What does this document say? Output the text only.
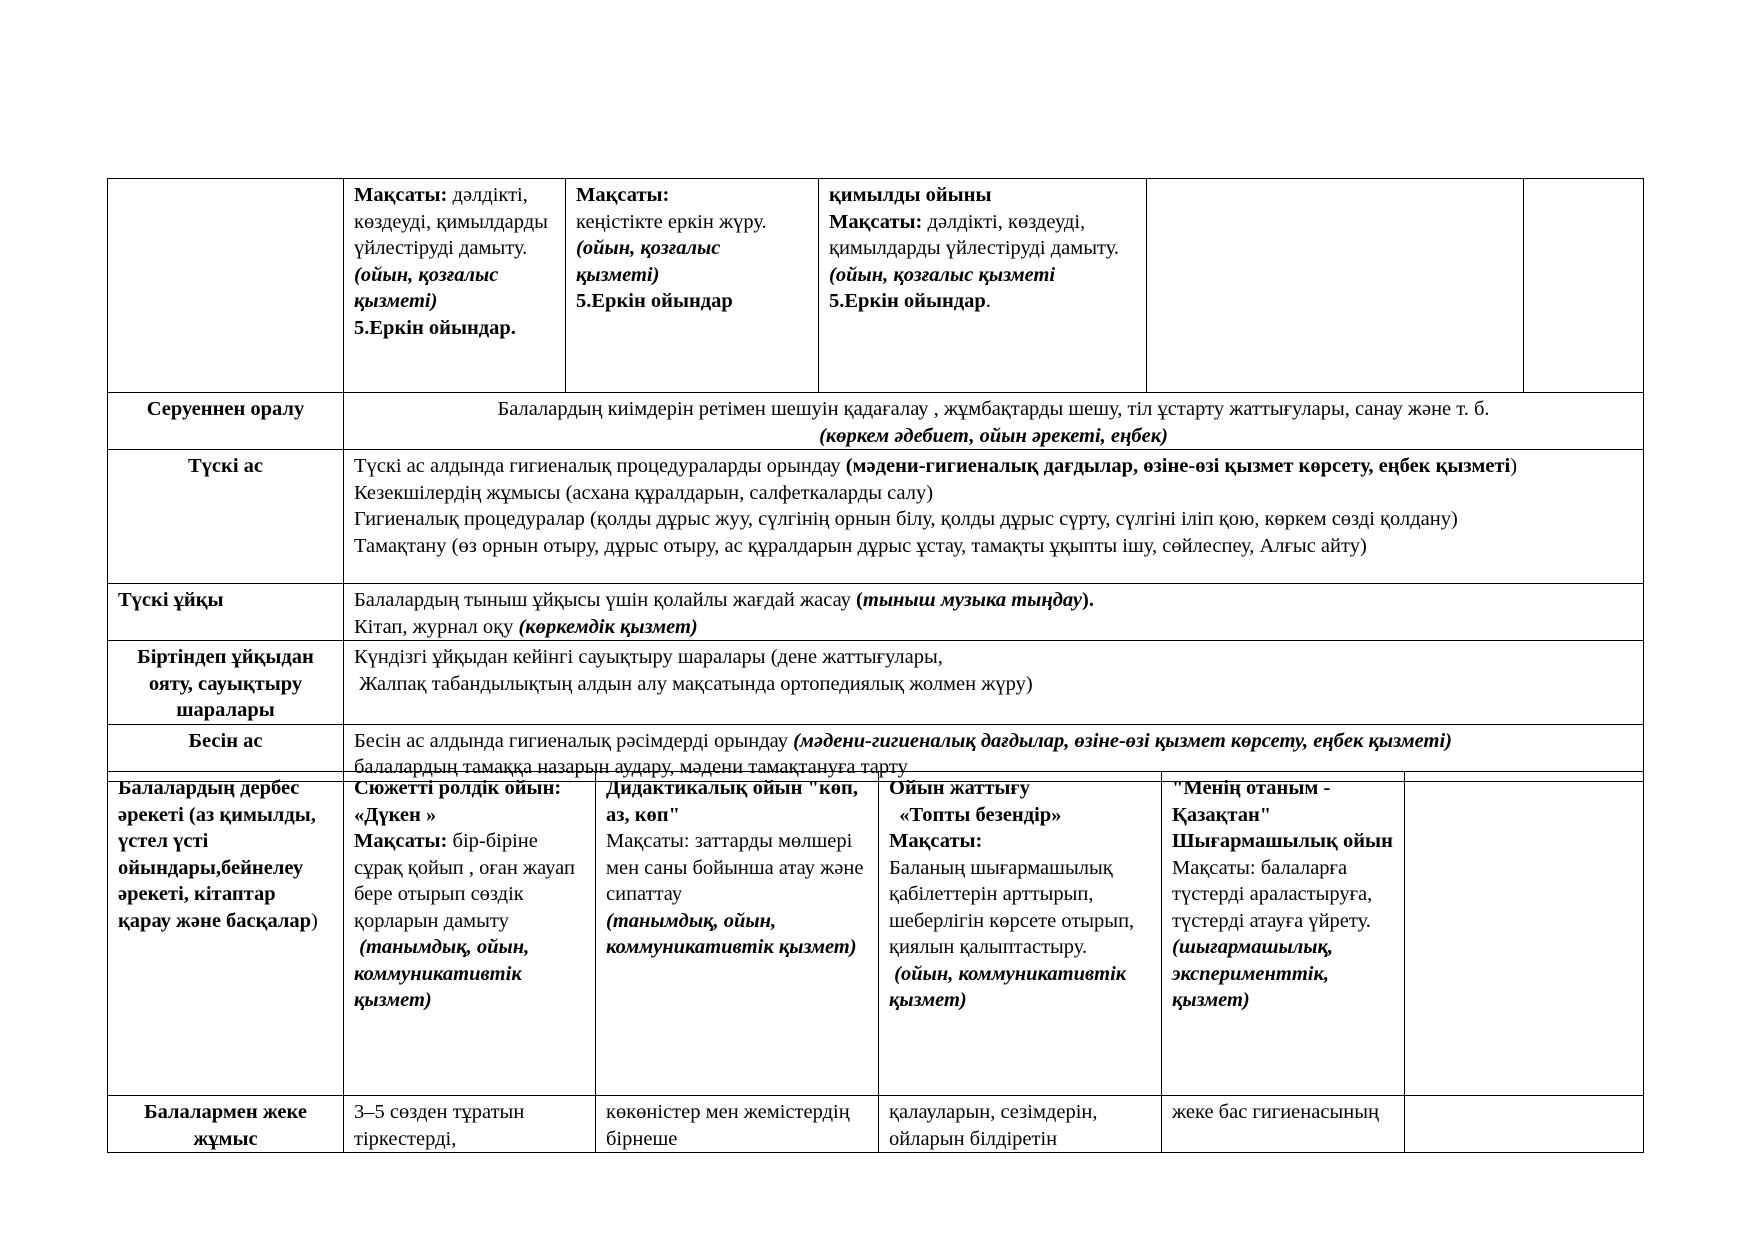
	Мақсаты: дәлдікті, көздеуді, қимылдарды үйлестіруді дамыту.
(ойын, қозғалыс қызметі)
5.Еркін ойындар.	Мақсаты:
кеңістікте еркін жүру.
(ойын, қозғалыс қызметі)
5.Еркін ойындар	қимылды ойыны
Мақсаты: дәлдікті, көздеуді, қимылдарды үйлестіруді дамыту.
(ойын, қозғалыс қызметі
5.Еркін ойындар.		
Серуеннен оралу	Балалардың киімдерін ретімен шешуін қадағалау , жұмбақтарды шешу, тіл ұстарту жаттығулары, санау және т. б.
(көркем әдебиет, ойын әрекеті, еңбек)
Түскі ас	Түскі ас алдында гигиеналық процедураларды орындау (мәдени-гигиеналық дағдылар, өзіне-өзі қызмет көрсету, еңбек қызметі)
Кезекшілердің жұмысы (асхана құралдарын, салфеткаларды салу)
Гигиеналық процедуралар (қолды дұрыс жуу, сүлгінің орнын білу, қолды дұрыс сүрту, сүлгіні іліп қою, көркем сөзді қолдану)
Тамақтану (өз орнын отыру, дұрыс отыру, ас құралдарын дұрыс ұстау, тамақты ұқыпты ішу, сөйлеспеу, Алғыс айту)
Түскі ұйқы	Балалардың тыныш ұйқысы үшін қолайлы жағдай жасау (тыныш музыка тыңдау).
Кітап, журнал оқу (көркемдік қызмет)
Біртіндеп ұйқыдан ояту, сауықтыру шаралары	Күндізгі ұйқыдан кейінгі сауықтыру шаралары (дене жаттығулары,
Жалпақ табандылықтың алдын алу мақсатында ортопедиялық жолмен жүру)
Бесін ас	Бесін ас алдында гигиеналық рәсімдерді орындау (мәдени-гигиеналық дағдылар, өзіне-өзі қызмет көрсету, еңбек қызметі)
балалардың тамаққа назарын аудару, мәдени тамақтануға тарту
Балалардың дербес әрекеті (аз қимылды, үстел үсті ойындары,бейнелеу әрекеті, кітаптар қарау және басқалар)	Сюжетті ролдік ойын:
«Дүкен »
Мақсаты: бір-біріне сұрақ қойып , оған жауап бере отырып сөздік қорларын дамыту
(танымдық, ойын, коммуникативтік қызмет)	Дидактикалық ойын "көп, аз, көп"
Мақсаты: заттарды мөлшері мен саны бойынша атау және сипаттау
(танымдық, ойын, коммуникативтік қызмет)	Ойын жаттығу
«Топты безендір»
Мақсаты:
Баланың шығармашылық қабілеттерін арттырып, шеберлігін көрсете отырып, қиялын қалыптастыру.
(ойын, коммуникативтік қызмет)	"Менің отаным - Қазақтан" Шығармашылық ойын
Мақсаты: балаларға түстерді араластыруға, түстерді атауға үйрету.
(шығармашылық, эксперименттік, қызмет)	
Балалармен жеке жұмыс	3–5 сөзден тұратын тіркестерді,	көкөністер мен жемістердің бірнеше	қалауларын, сезімдерін, ойларын білдіретін	жеке бас гигиенасының	
